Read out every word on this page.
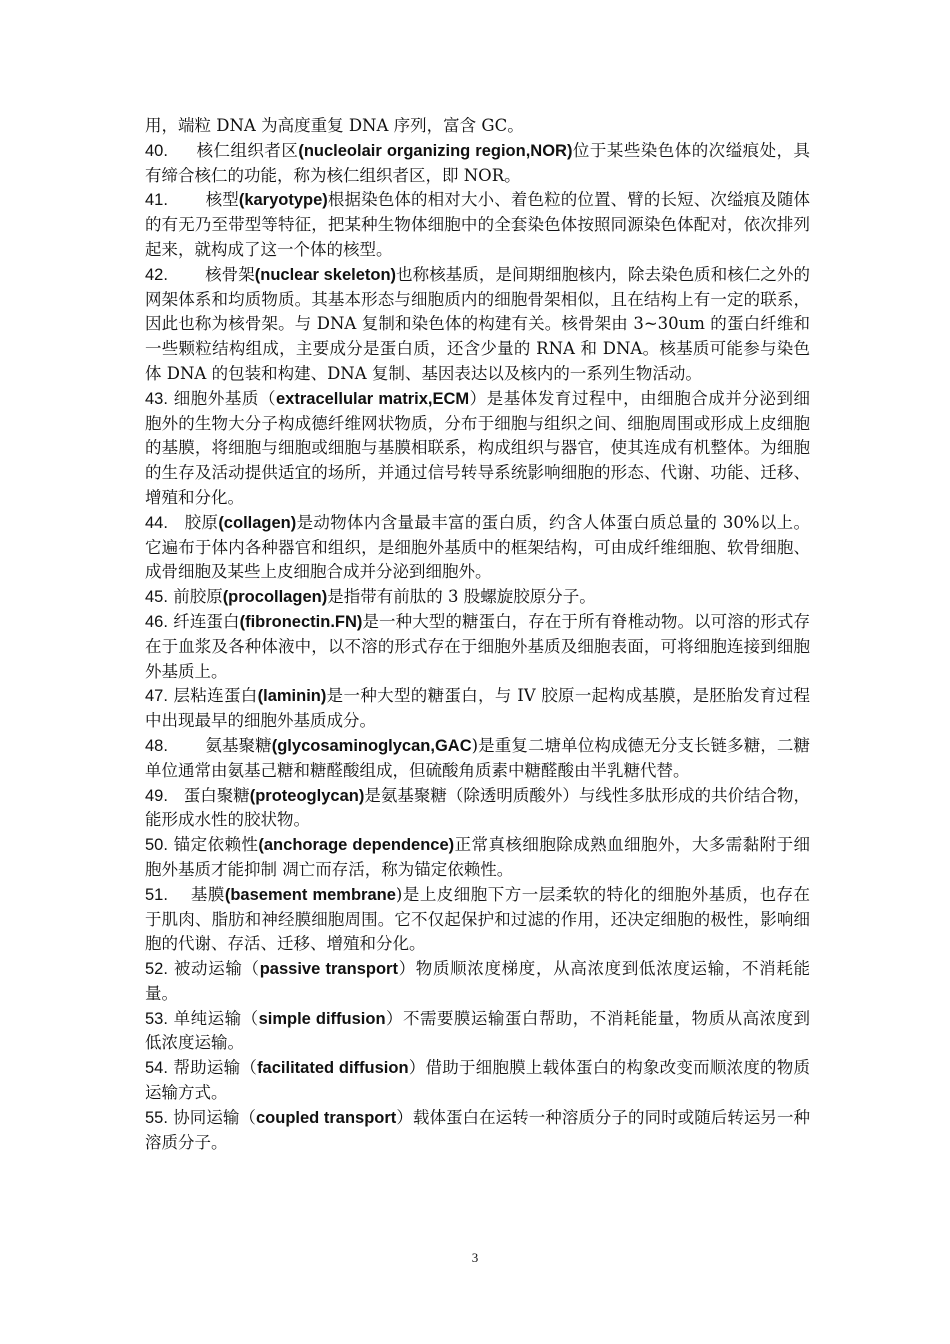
用，端粒 DNA 为高度重复 DNA 序列，富含 GC。

40. 核仁组织者区(nucleolair organizing region,NOR)位于某些染色体的次缢痕处，具有缔合核仁的功能，称为核仁组织者区，即 NOR。

41. 核型(karyotype)根据染色体的相对大小、着色粒的位置、臂的长短、次缢痕及随体的有无乃至带型等特征，把某种生物体细胞中的全套染色体按照同源染色体配对，依次排列起来，就构成了这一个体的核型。

42. 核骨架(nuclear skeleton)也称核基质，是间期细胞核内，除去染色质和核仁之外的网架体系和均质物质。其基本形态与细胞质内的细胞骨架相似，且在结构上有一定的联系，因此也称为核骨架。与 DNA 复制和染色体的构建有关。核骨架由 3~30um 的蛋白纤维和一些颗粒结构组成，主要成分是蛋白质，还含少量的 RNA 和 DNA。核基质可能参与染色体 DNA 的包装和构建、DNA 复制、基因表达以及核内的一系列生物活动。

43. 细胞外基质（extracellular matrix,ECM）是基体发育过程中，由细胞合成并分泌到细胞外的生物大分子构成德纤维网状物质，分布于细胞与组织之间、细胞周围或形成上皮细胞的基膜，将细胞与细胞或细胞与基膜相联系，构成组织与器官，使其连成有机整体。为细胞的生存及活动提供适宜的场所，并通过信号转导系统影响细胞的形态、代谢、功能、迁移、增殖和分化。

44. 胶原(collagen)是动物体内含量最丰富的蛋白质，约含人体蛋白质总量的 30%以上。它遍布于体内各种器官和组织，是细胞外基质中的框架结构，可由成纤维细胞、软骨细胞、成骨细胞及某些上皮细胞合成并分泌到细胞外。

45. 前胶原(procollagen)是指带有前肽的 3 股螺旋胶原分子。

46. 纤连蛋白(fibronectin.FN)是一种大型的糖蛋白，存在于所有脊椎动物。以可溶的形式存在于血浆及各种体液中，以不溶的形式存在于细胞外基质及细胞表面，可将细胞连接到细胞外基质上。

47. 层粘连蛋白(laminin)是一种大型的糖蛋白，与 IV 胶原一起构成基膜，是胚胎发育过程中出现最早的细胞外基质成分。

48. 氨基聚糖(glycosaminoglycan,GAC)是重复二塘单位构成德无分支长链多糖，二糖单位通常由氨基己糖和糖醛酸组成，但硫酸角质素中糖醛酸由半乳糖代替。

49. 蛋白聚糖(proteoglycan)是氨基聚糖（除透明质酸外）与线性多肽形成的共价结合物，能形成水性的胶状物。

50. 锚定依赖性(anchorage dependence)正常真核细胞除成熟血细胞外，大多需黏附于细胞外基质才能抑制 凋亡而存活，称为锚定依赖性。

51. 基膜(basement membrane)是上皮细胞下方一层柔软的特化的细胞外基质，也存在于肌肉、脂肪和神经膜细胞周围。它不仅起保护和过滤的作用，还决定细胞的极性，影响细胞的代谢、存活、迁移、增殖和分化。

52. 被动运输（passive transport）物质顺浓度梯度，从高浓度到低浓度运输，不消耗能量。

53. 单纯运输（simple diffusion）不需要膜运输蛋白帮助，不消耗能量，物质从高浓度到低浓度运输。

54. 帮助运输（facilitated diffusion）借助于细胞膜上载体蛋白的构象改变而顺浓度的物质运输方式。

55. 协同运输（coupled transport）载体蛋白在运转一种溶质分子的同时或随后转运另一种溶质分子。

3
